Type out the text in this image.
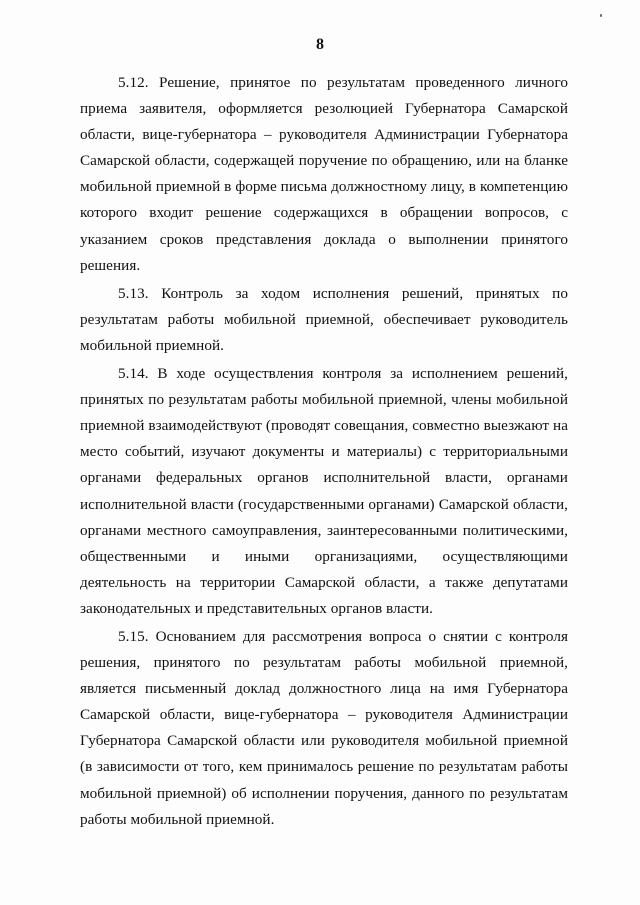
8

5.12. Решение, принятое по результатам проведенного личного приема заявителя, оформляется резолюцией Губернатора Самарской области, вице-губернатора – руководителя Администрации Губернатора Самарской области, содержащей поручение по обращению, или на бланке мобильной приемной в форме письма должностному лицу, в компетенцию которого входит решение содержащихся в обращении вопросов, с указанием сроков представления доклада о выполнении принятого решения.

5.13. Контроль за ходом исполнения решений, принятых по результатам работы мобильной приемной, обеспечивает руководитель мобильной приемной.

5.14. В ходе осуществления контроля за исполнением решений, принятых по результатам работы мобильной приемной, члены мобильной приемной взаимодействуют (проводят совещания, совместно выезжают на место событий, изучают документы и материалы) с территориальными органами федеральных органов исполнительной власти, органами исполнительной власти (государственными органами) Самарской области, органами местного самоуправления, заинтересованными политическими, общественными и иными организациями, осуществляющими деятельность на территории Самарской области, а также депутатами законодательных и представительных органов власти.

5.15. Основанием для рассмотрения вопроса о снятии с контроля решения, принятого по результатам работы мобильной приемной, является письменный доклад должностного лица на имя Губернатора Самарской области, вице-губернатора – руководителя Администрации Губернатора Самарской области или руководителя мобильной приемной (в зависимости от того, кем принималось решение по результатам работы мобильной приемной) об исполнении поручения, данного по результатам работы мобильной приемной.
